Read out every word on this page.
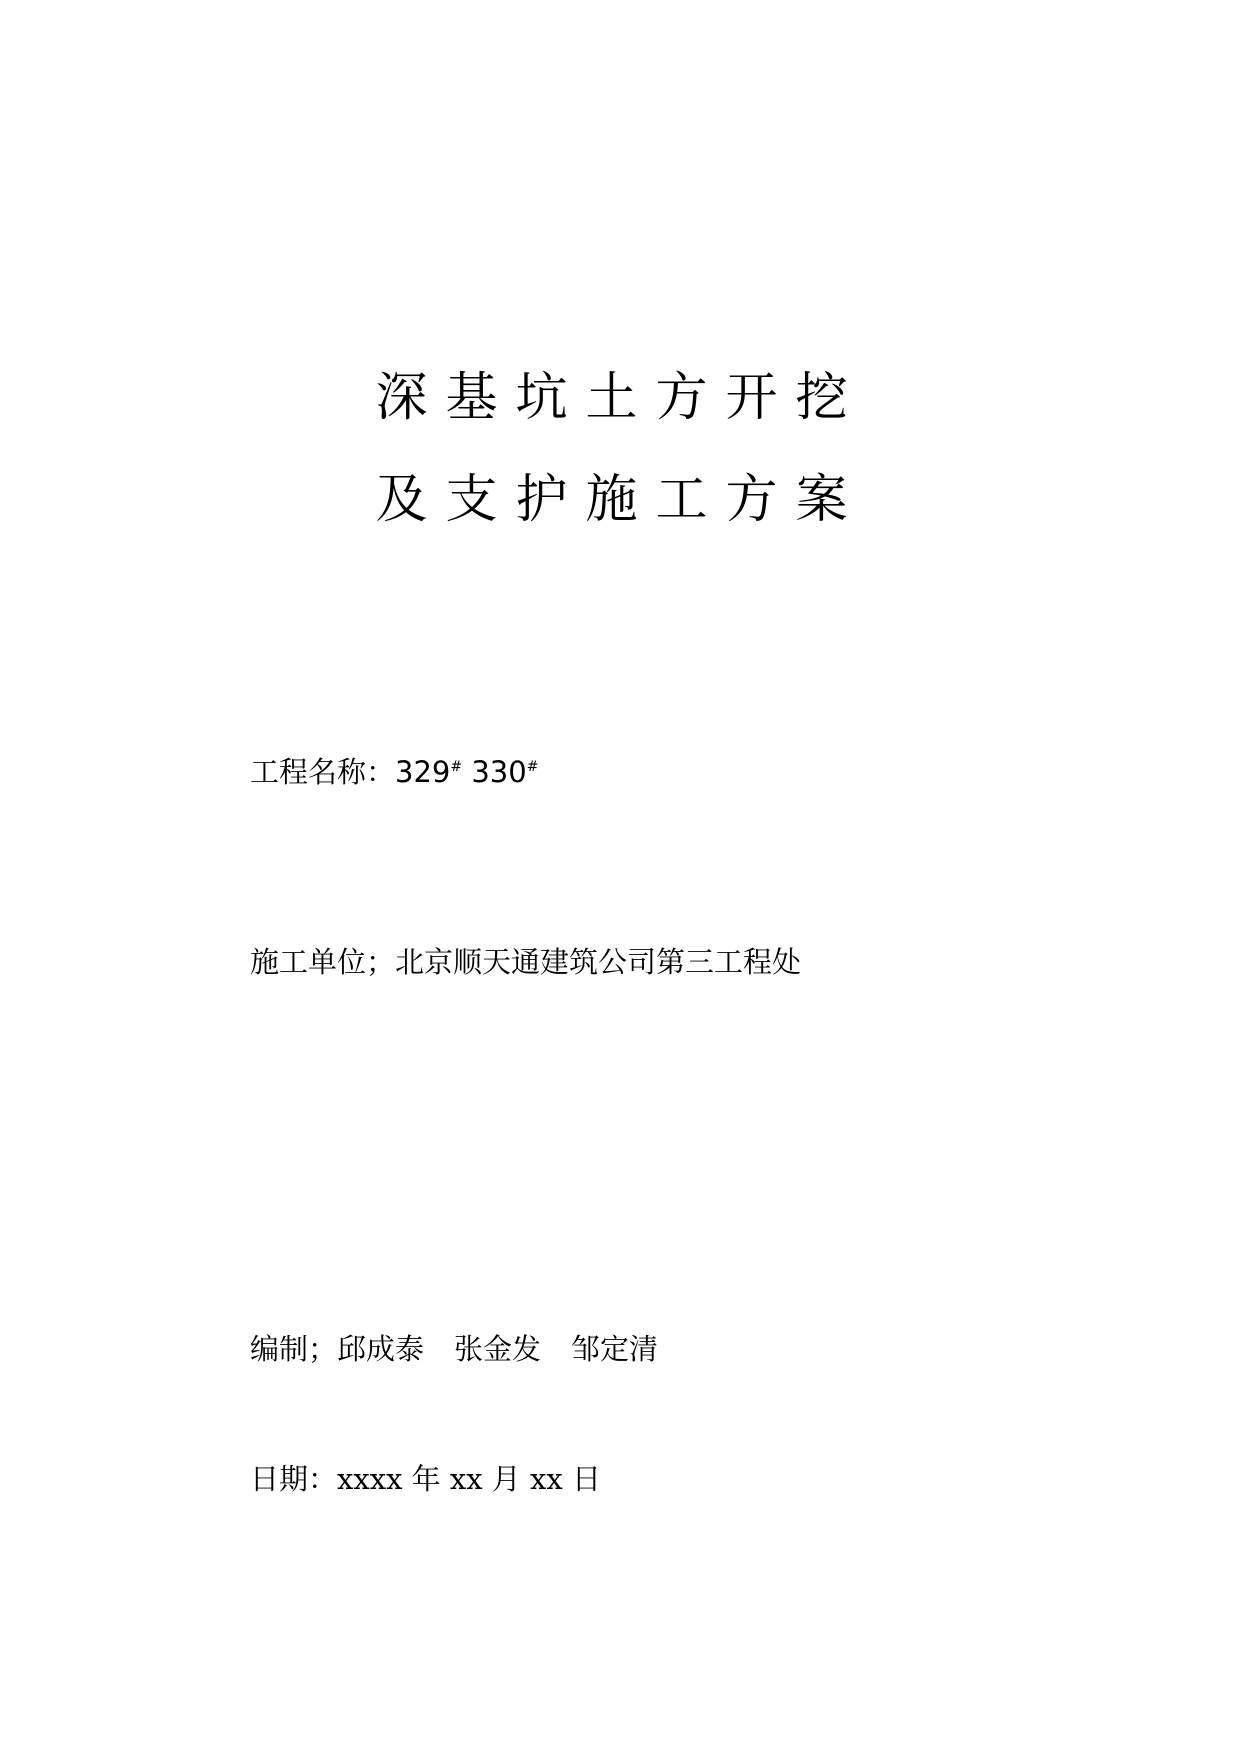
深基坑土方开挖
及支护施工方案
工程名称：329# 330#
施工单位；北京顺天通建筑公司第三工程处
编制；邱成泰 张金发 邹定清
日期：xxxx 年 xx 月 xx 日
